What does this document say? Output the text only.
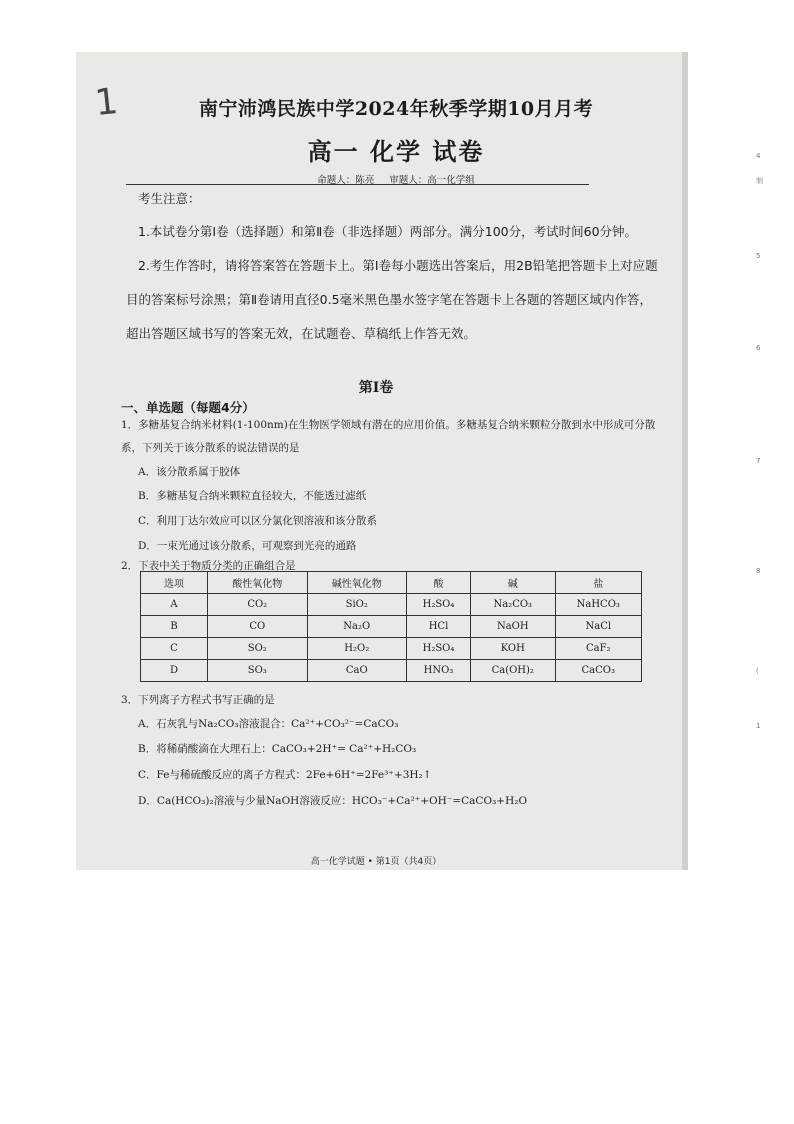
4
制
5
6
7
8
(
1
1	南宁沛鸿民族中学2024年秋季学期10月月考
高一 化学 试卷
命题人：陈亮 审题人：高一化学组
考生注意：

1.本试卷分第Ⅰ卷（选择题）和第Ⅱ卷（非选择题）两部分。满分100分，考试时间60分钟。

2.考生作答时，请将答案答在答题卡上。第Ⅰ卷每小题选出答案后，用2B铅笔把答题卡上对应题目的答案标号涂黑；第Ⅱ卷请用直径0.5毫米黑色墨水签字笔在答题卡上各题的答题区域内作答，超出答题区域书写的答案无效，在试题卷、草稿纸上作答无效。

第Ⅰ卷
一、单选题（每题4分）
1．多糖基复合纳米材料(1-100nm)在生物医学领域有潜在的应用价值。多糖基复合纳米颗粒分散到水中形成可分散系，下列关于该分散系的说法错误的是
A．该分散系属于胶体
B．多糖基复合纳米颗粒直径较大，不能透过滤纸
C．利用丁达尔效应可以区分氯化钡溶液和该分散系
D．一束光通过该分散系，可观察到光亮的通路
2．下表中关于物质分类的正确组合是
选项	酸性氧化物	碱性氧化物	酸	碱	盐
A	CO₂	SiO₂	H₂SO₄	Na₂CO₃	NaHCO₃
B	CO	Na₂O	HCl	NaOH	NaCl
C	SO₂	H₂O₂	H₂SO₄	KOH	CaF₂
D	SO₃	CaO	HNO₃	Ca(OH)₂	CaCO₃
3．下列离子方程式书写正确的是
A．石灰乳与Na₂CO₃溶液混合：Ca²⁺+CO₃²⁻=CaCO₃
B．将稀硝酸滴在大理石上：CaCO₃+2H⁺= Ca²⁺+H₂CO₃
C．Fe与稀硫酸反应的离子方程式：2Fe+6H⁺=2Fe³⁺+3H₂↑
D．Ca(HCO₃)₂溶液与少量NaOH溶液反应：HCO₃⁻+Ca²⁺+OH⁻=CaCO₃+H₂O
高一化学试题 • 第1页（共4页）
